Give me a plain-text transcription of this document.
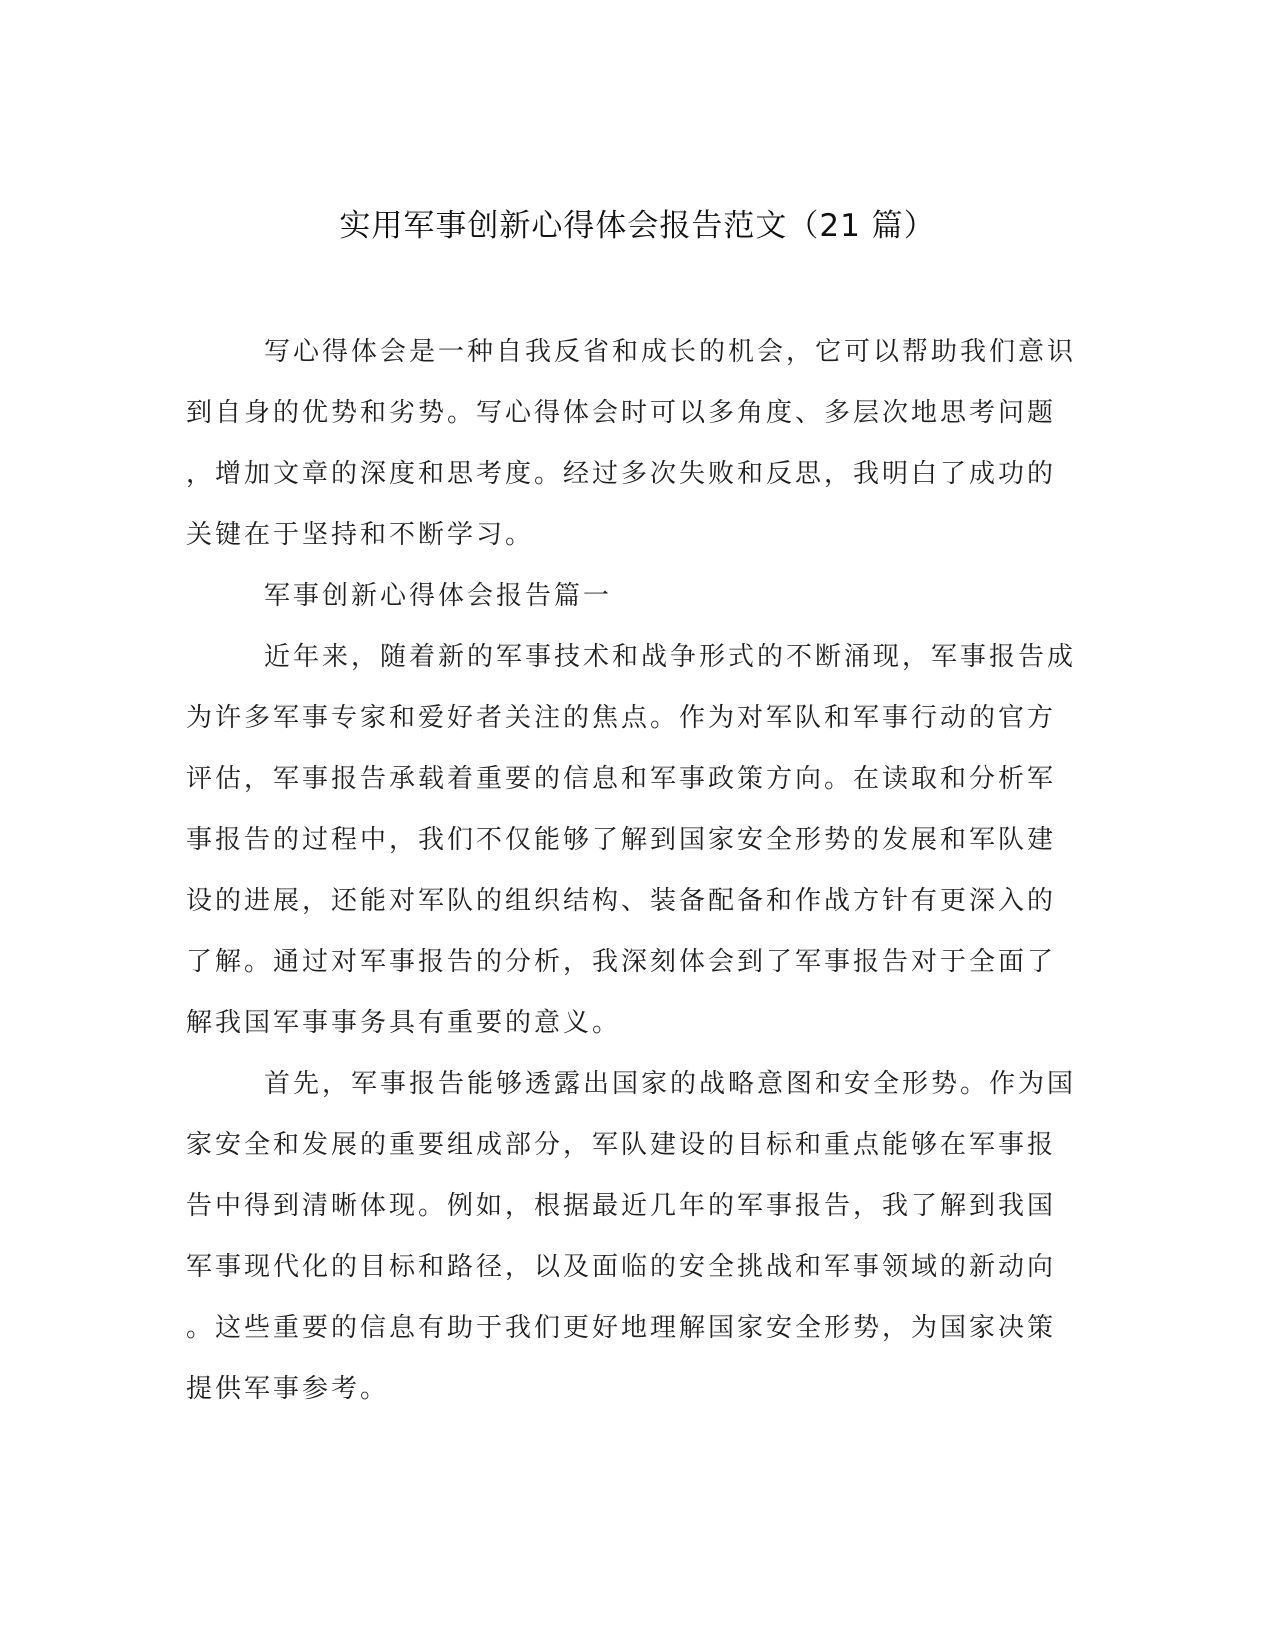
实用军事创新心得体会报告范文（21 篇）
写心得体会是一种自我反省和成长的机会，它可以帮助我们意识
到自身的优势和劣势。写心得体会时可以多角度、多层次地思考问题
，增加文章的深度和思考度。经过多次失败和反思，我明白了成功的
关键在于坚持和不断学习。
军事创新心得体会报告篇一
近年来，随着新的军事技术和战争形式的不断涌现，军事报告成
为许多军事专家和爱好者关注的焦点。作为对军队和军事行动的官方
评估，军事报告承载着重要的信息和军事政策方向。在读取和分析军
事报告的过程中，我们不仅能够了解到国家安全形势的发展和军队建
设的进展，还能对军队的组织结构、装备配备和作战方针有更深入的
了解。通过对军事报告的分析，我深刻体会到了军事报告对于全面了
解我国军事事务具有重要的意义。
首先，军事报告能够透露出国家的战略意图和安全形势。作为国
家安全和发展的重要组成部分，军队建设的目标和重点能够在军事报
告中得到清晰体现。例如，根据最近几年的军事报告，我了解到我国
军事现代化的目标和路径，以及面临的安全挑战和军事领域的新动向
。这些重要的信息有助于我们更好地理解国家安全形势，为国家决策
提供军事参考。
